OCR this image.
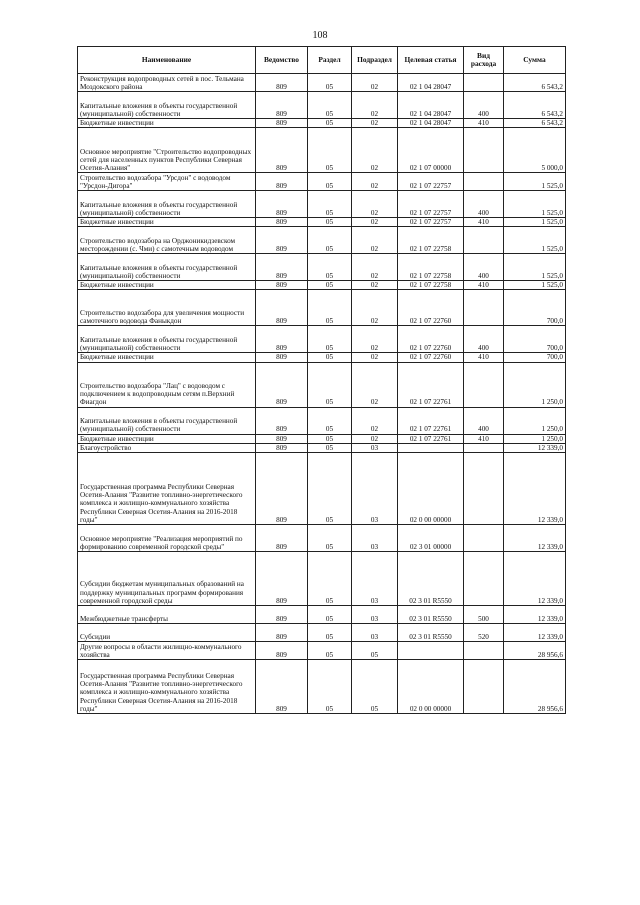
108
Наименование	Ведомство	Раздел	Подраздел	Целевая статья	Вид расхода	Сумма
Реконструкция водопроводных сетей в пос. Тельмана Моздокского района	809	05	02	02 1 04 28047		6 543,2
Капитальные вложения в объекты государственной (муниципальной) собственности	809	05	02	02 1 04 28047	400	6 543,2
Бюджетные инвестиции	809	05	02	02 1 04 28047	410	6 543,2
Основное мероприятие "Строительство водопроводных сетей для населенных пунктов Республики Северная Осетия-Алания"	809	05	02	02 1 07 00000		5 000,0
Строительство водозабора "Урсдон" с водоводом "Урсдон-Дигора"	809	05	02	02 1 07 22757		1 525,0
Капитальные вложения в объекты государственной (муниципальной) собственности	809	05	02	02 1 07 22757	400	1 525,0
Бюджетные инвестиции	809	05	02	02 1 07 22757	410	1 525,0
Строительство водозабора на Орджоникидзевском месторождении (с. Чми) с самотечным водоводом	809	05	02	02 1 07 22758		1 525,0
Капитальные вложения в объекты государственной (муниципальной) собственности	809	05	02	02 1 07 22758	400	1 525,0
Бюджетные инвестиции	809	05	02	02 1 07 22758	410	1 525,0
Строительство водозабора для увеличения мощности самотечного водовода Фаныкдон	809	05	02	02 1 07 22760		700,0
Капитальные вложения в объекты государственной (муниципальной) собственности	809	05	02	02 1 07 22760	400	700,0
Бюджетные инвестиции	809	05	02	02 1 07 22760	410	700,0
Строительство водозабора "Лац" с водоводом с подключением к водопроводным сетям п.Верхний Фиагдон	809	05	02	02 1 07 22761		1 250,0
Капитальные вложения в объекты государственной (муниципальной) собственности	809	05	02	02 1 07 22761	400	1 250,0
Бюджетные инвестиции	809	05	02	02 1 07 22761	410	1 250,0
Благоустройство	809	05	03			12 339,0
Государственная программа Республики Северная Осетия-Алания "Развитие топливно-энергетического комплекса и жилищно-коммунального хозяйства Республики Северная Осетия-Алания на 2016-2018 годы"	809	05	03	02 0 00 00000		12 339,0
Основное мероприятие "Реализация мероприятий по формированию современной городской среды"	809	05	03	02 3 01 00000		12 339,0
Субсидии бюджетам муниципальных образований на поддержку муниципальных программ формирования современной городской среды	809	05	03	02 3 01 R5550		12 339,0
Межбюджетные трансферты	809	05	03	02 3 01 R5550	500	12 339,0
Субсидии	809	05	03	02 3 01 R5550	520	12 339,0
Другие вопросы в области жилищно-коммунального хозяйства	809	05	05			28 956,6
Государственная программа Республики Северная Осетия-Алания "Развитие топливно-энергетического комплекса и жилищно-коммунального хозяйства Республики Северная Осетия-Алания на 2016-2018 годы"	809	05	05	02 0 00 00000		28 956,6
